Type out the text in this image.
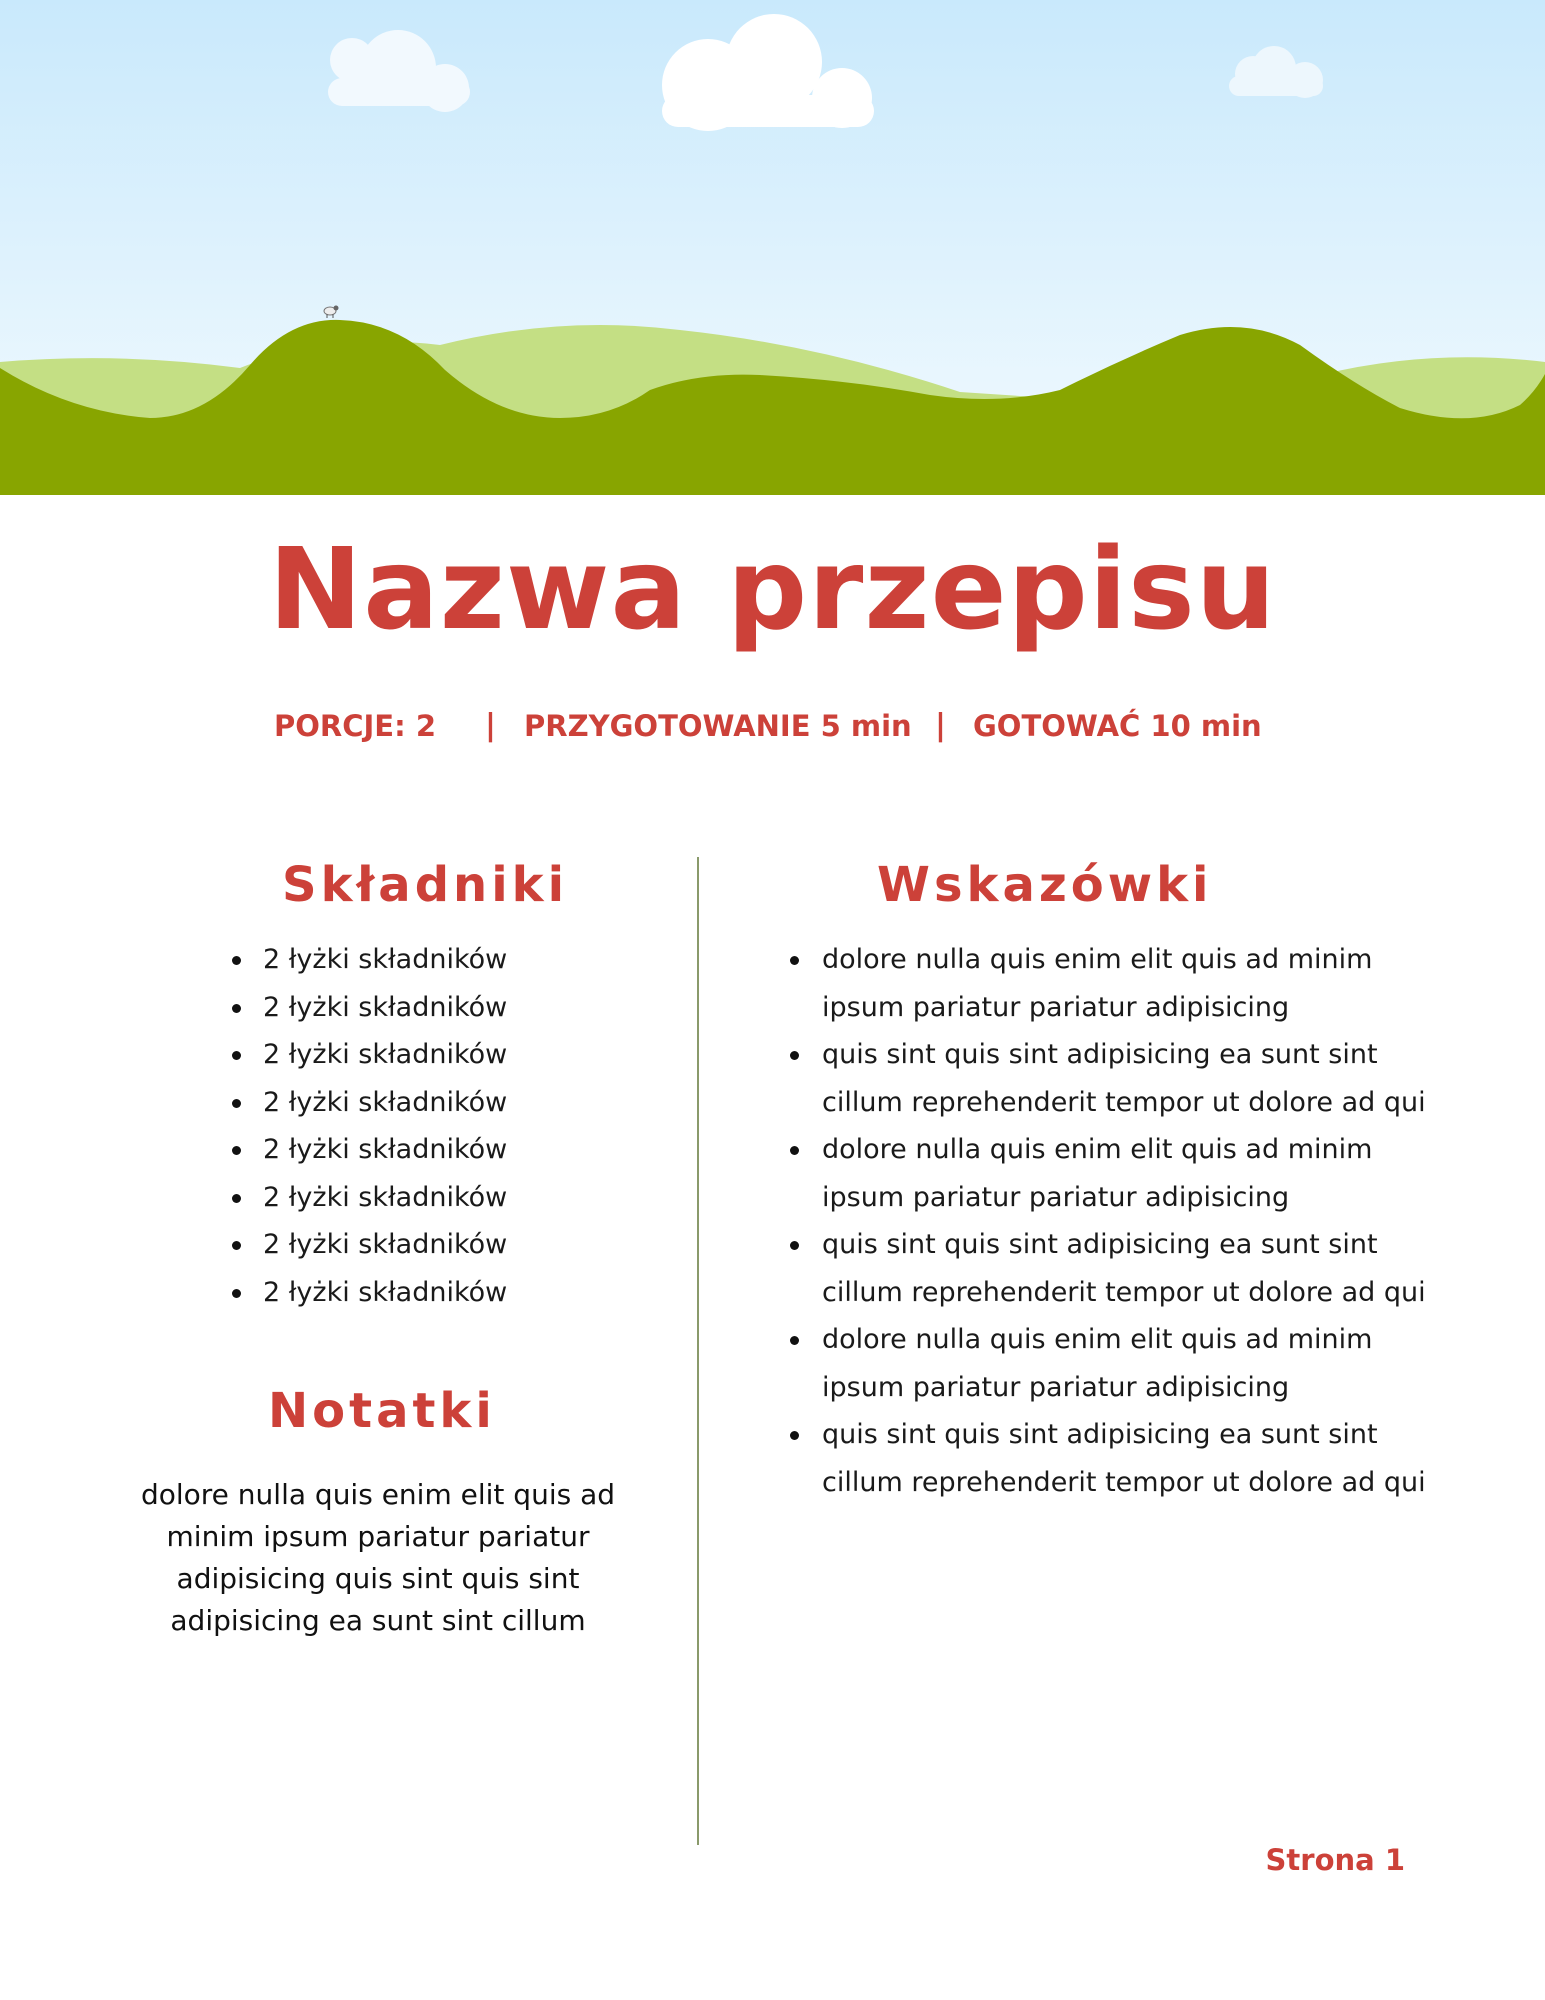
Nazwa przepisu
PORCJE: 2 | PRZYGOTOWANIE 5 min | GOTOWAĆ 10 min
Składniki	Wskazówki
2 łyżki składników
2 łyżki składników
2 łyżki składników
2 łyżki składników
2 łyżki składników
2 łyżki składników
2 łyżki składników
2 łyżki składników
Notatki
dolore nulla quis enim elit quis ad minim ipsum pariatur pariatur adipisicing quis sint quis sint adipisicing ea sunt sint cillum
dolore nulla quis enim elit quis ad minim ipsum pariatur pariatur adipisicing
quis sint quis sint adipisicing ea sunt sint cillum reprehenderit tempor ut dolore ad qui
dolore nulla quis enim elit quis ad minim ipsum pariatur pariatur adipisicing
quis sint quis sint adipisicing ea sunt sint cillum reprehenderit tempor ut dolore ad qui
dolore nulla quis enim elit quis ad minim ipsum pariatur pariatur adipisicing
quis sint quis sint adipisicing ea sunt sint cillum reprehenderit tempor ut dolore ad qui
Strona 1
